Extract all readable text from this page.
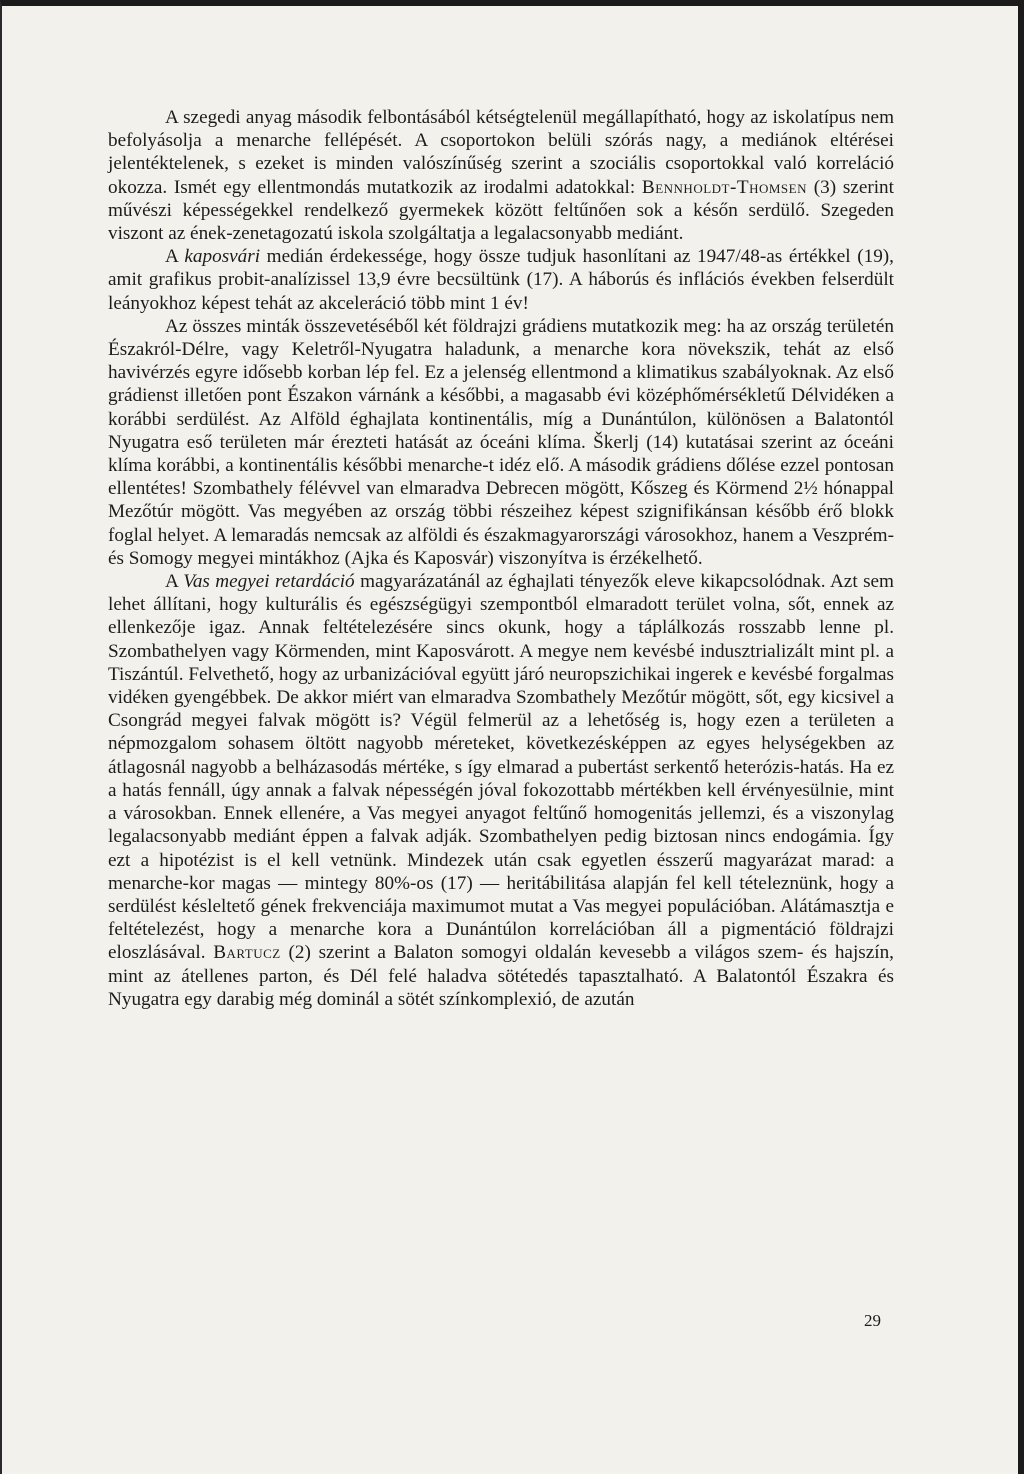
A szegedi anyag második felbontásából kétségtelenül megállapítható, hogy az iskolatípus nem befolyásolja a menarche fellépését. A csoportokon belüli szórás nagy, a mediánok eltérései jelentéktelenek, s ezeket is minden valószínűség szerint a szociális csoportokkal való korreláció okozza. Ismét egy ellentmondás mutatkozik az irodalmi adatokkal: Bennholdt-Thomsen (3) szerint művészi képességekkel rendelkező gyermekek között feltűnően sok a későn serdülő. Szegeden viszont az ének-zenetagozatú iskola szolgáltatja a legalacsonyabb mediánt.

A kaposvári medián érdekessége, hogy össze tudjuk hasonlítani az 1947/48-as értékkel (19), amit grafikus probit-analízissel 13,9 évre becsültünk (17). A háborús és inflációs években felserdült leányokhoz képest tehát az akceleráció több mint 1 év!

Az összes minták összevetéséből két földrajzi grádiens mutatkozik meg: ha az ország területén Északról-Délre, vagy Keletről-Nyugatra haladunk, a menarche kora növekszik, tehát az első havivérzés egyre idősebb korban lép fel. Ez a jelenség ellentmond a klimatikus szabályoknak. Az első grádienst illetően pont Északon várnánk a későbbi, a magasabb évi középhőmérsékletű Délvidéken a korábbi serdülést. Az Alföld éghajlata kontinentális, míg a Dunántúlon, különösen a Balatontól Nyugatra eső területen már érezteti hatását az óceáni klíma. Škerlj (14) kutatásai szerint az óceáni klíma korábbi, a kontinentális későbbi menarche-t idéz elő. A második grádiens dőlése ezzel pontosan ellentétes! Szombathely félévvel van elmaradva Debrecen mögött, Kőszeg és Körmend 2½ hónappal Mezőtúr mögött. Vas megyében az ország többi részeihez képest szignifikánsan később érő blokk foglal helyet. A lemaradás nemcsak az alföldi és északmagyarországi városokhoz, hanem a Veszprém- és Somogy megyei mintákhoz (Ajka és Kaposvár) viszonyítva is érzékelhető.

A Vas megyei retardáció magyarázatánál az éghajlati tényezők eleve kikapcsolódnak. Azt sem lehet állítani, hogy kulturális és egészségügyi szempontból elmaradott terület volna, sőt, ennek az ellenkezője igaz. Annak feltételezésére sincs okunk, hogy a táplálkozás rosszabb lenne pl. Szombathelyen vagy Körmenden, mint Kaposvárott. A megye nem kevésbé indusztrializált mint pl. a Tiszántúl. Felvethető, hogy az urbanizációval együtt járó neuropszichikai ingerek e kevésbé forgalmas vidéken gyengébbek. De akkor miért van elmaradva Szombathely Mezőtúr mögött, sőt, egy kicsivel a Csongrád megyei falvak mögött is? Végül felmerül az a lehetőség is, hogy ezen a területen a népmozgalom sohasem öltött nagyobb méreteket, következésképpen az egyes helységekben az átlagosnál nagyobb a belházasodás mértéke, s így elmarad a pubertást serkentő heterózis-hatás. Ha ez a hatás fennáll, úgy annak a falvak népességén jóval fokozottabb mértékben kell érvényesülnie, mint a városokban. Ennek ellenére, a Vas megyei anyagot feltűnő homogenitás jellemzi, és a viszonylag legalacsonyabb mediánt éppen a falvak adják. Szombathelyen pedig biztosan nincs endogámia. Így ezt a hipotézist is el kell vetnünk. Mindezek után csak egyetlen ésszerű magyarázat marad: a menarche-kor magas — mintegy 80%-os (17) — heritábilitása alapján fel kell tételeznünk, hogy a serdülést késleltető gének frekvenciája maximumot mutat a Vas megyei populációban. Alátámasztja e feltételezést, hogy a menarche kora a Dunántúlon korrelációban áll a pigmentáció földrajzi eloszlásával. Bartucz (2) szerint a Balaton somogyi oldalán kevesebb a világos szem- és hajszín, mint az átellenes parton, és Dél felé haladva sötétedés tapasztalható. A Balatontól Északra és Nyugatra egy darabig még dominál a sötét színkomplexió, de azután

29
